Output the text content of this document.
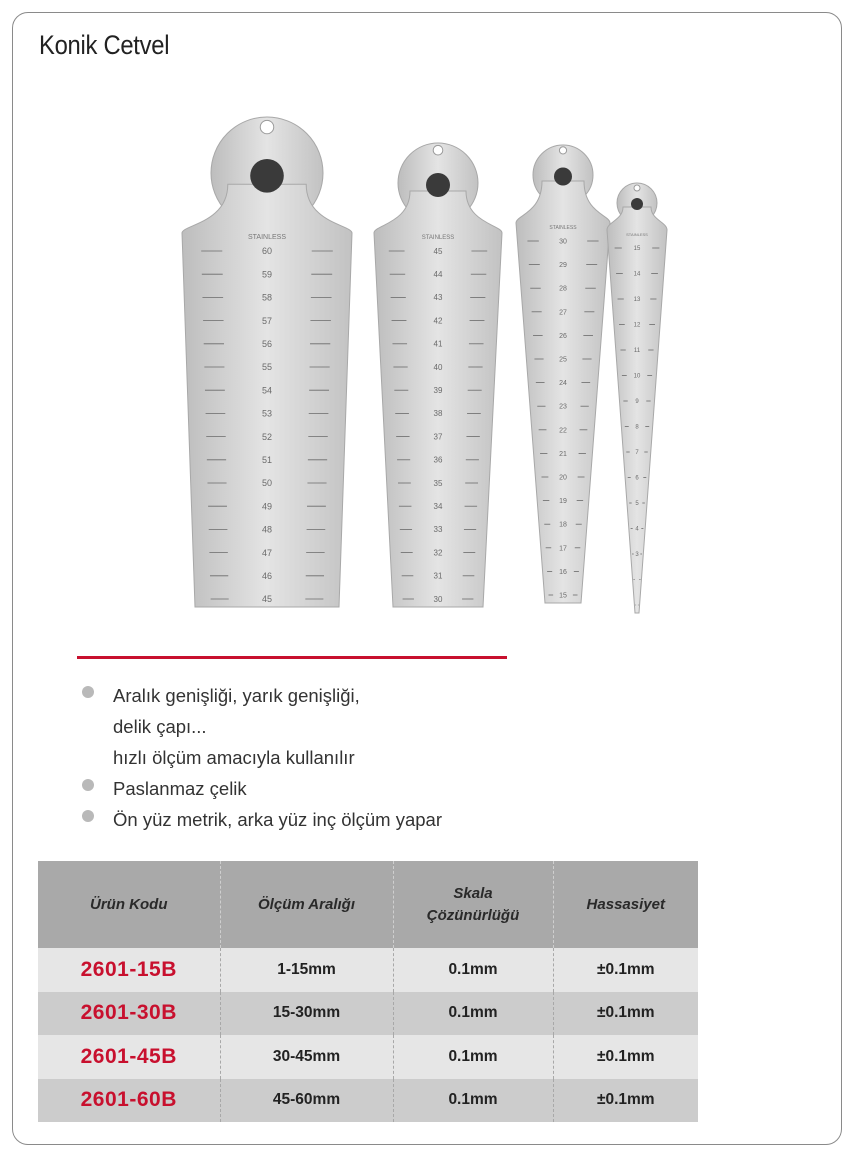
Konik Cetvel
60
59
58
57
56
55
54
53
52
51
50
49
48
47
46
45
STAINLESS
45
44
43
42
41
40
39
38
37
36
35
34
33
32
31
30
STAINLESS
30
29
28
27
26
25
24
23
22
21
20
19
18
17
16
15
STAINLESS
15
14
13
12
11
10
9
8
7
6
5
4
3
STAINLESS
Aralık genişliği, yarık genişliği,
delik çapı...
hızlı ölçüm amacıyla kullanılır
Paslanmaz çelik
Ön yüz metrik, arka yüz inç ölçüm yapar
Ürün Kodu	Ölçüm Aralığı	Skala
Çözünürlüğü	Hassasiyet
2601-15B	1-15mm	0.1mm	±0.1mm
2601-30B	15-30mm	0.1mm	±0.1mm
2601-45B	30-45mm	0.1mm	±0.1mm
2601-60B	45-60mm	0.1mm	±0.1mm
